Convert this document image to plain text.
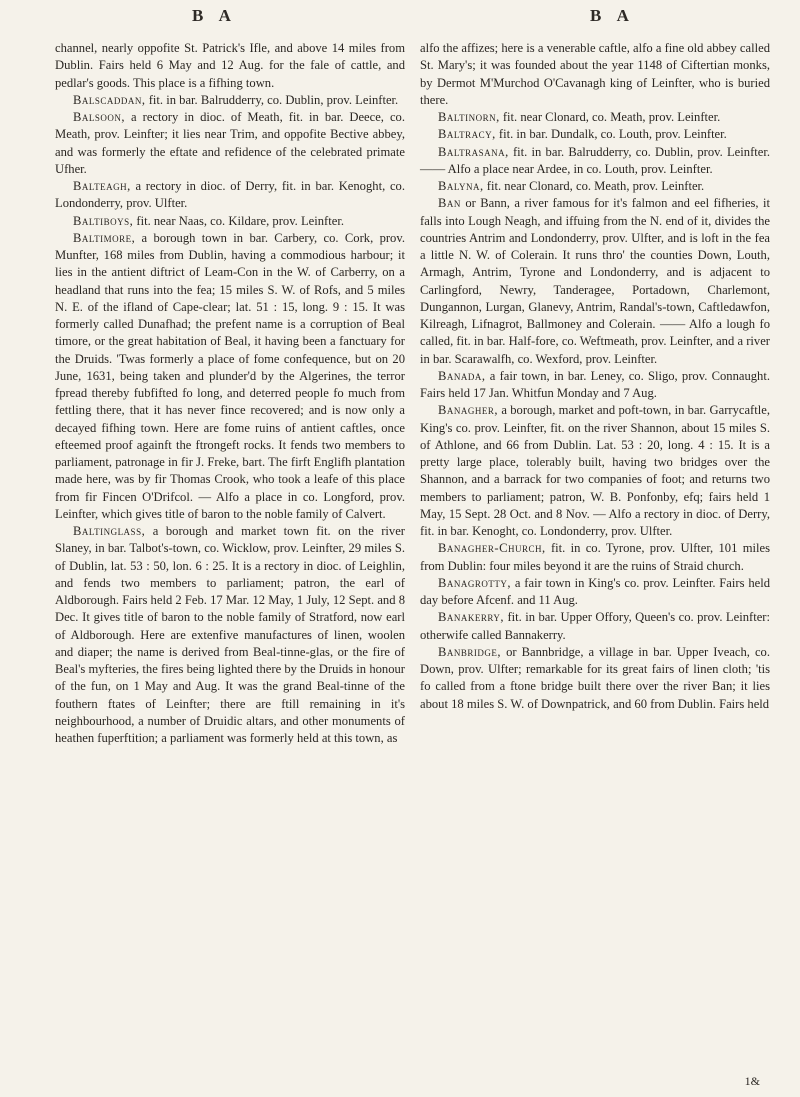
B A	B A

channel, nearly oppofite St. Patrick's Ifle, and above 14 miles from Dublin. Fairs held 6 May and 12 Aug. for the fale of cattle, and pedlar's goods. This place is a fifhing town.

Balscaddan, fit. in bar. Balrudderry, co. Dublin, prov. Leinfter.

Balsoon, a rectory in dioc. of Meath, fit. in bar. Deece, co. Meath, prov. Leinfter; it lies near Trim, and oppofite Bective abbey, and was formerly the eftate and refidence of the celebrated primate Ufher.

Balteagh, a rectory in dioc. of Derry, fit. in bar. Kenoght, co. Londonderry, prov. Ulfter.

Baltiboys, fit. near Naas, co. Kildare, prov. Leinfter.

Baltimore, a borough town in bar. Carbery, co. Cork, prov. Munfter, 168 miles from Dublin, having a commodious harbour; it lies in the antient diftrict of Leam-Con in the W. of Carberry, on a headland that runs into the fea; 15 miles S. W. of Rofs, and 5 miles N. E. of the ifland of Cape-clear; lat. 51 : 15, long. 9 : 15. It was formerly called Dunafhad; the prefent name is a corruption of Beal timore, or the great habitation of Beal, it having been a fanctuary for the Druids. 'Twas formerly a place of fome confequence, but on 20 June, 1631, being taken and plunder'd by the Algerines, the terror fpread thereby fubfifted fo long, and deterred people fo much from fettling there, that it has never fince recovered; and is now only a decayed fifhing town. Here are fome ruins of antient caftles, once efteemed proof againft the ftrongeft rocks. It fends two members to parliament, patronage in fir J. Freke, bart. The firft Englifh plantation made here, was by fir Thomas Crook, who took a leafe of this place from fir Fincen O'Drifcol. — Alfo a place in co. Longford, prov. Leinfter, which gives title of baron to the noble family of Calvert.

Baltinglass, a borough and market town fit. on the river Slaney, in bar. Talbot's-town, co. Wicklow, prov. Leinfter, 29 miles S. of Dublin, lat. 53 : 50, lon. 6 : 25. It is a rectory in dioc. of Leighlin, and fends two members to parliament; patron, the earl of Aldborough. Fairs held 2 Feb. 17 Mar. 12 May, 1 July, 12 Sept. and 8 Dec. It gives title of baron to the noble family of Stratford, now earl of Aldborough. Here are extenfive manufactures of linen, woolen and diaper; the name is derived from Beal-tinne-glas, or the fire of Beal's myfteries, the fires being lighted there by the Druids in honour of the fun, on 1 May and Aug. It was the grand Beal-tinne of the fouthern ftates of Leinfter; there are ftill remaining in it's neighbourhood, a number of Druidic altars, and other monuments of heathen fuperftition; a parliament was formerly held at this town, as

alfo the affizes; here is a venerable caftle, alfo a fine old abbey called St. Mary's; it was founded about the year 1148 of Ciftertian monks, by Dermot M'Murchod O'Cavanagh king of Leinfter, who is buried there.

Baltinorn, fit. near Clonard, co. Meath, prov. Leinfter.

Baltracy, fit. in bar. Dundalk, co. Louth, prov. Leinfter.

Baltrasana, fit. in bar. Balrudderry, co. Dublin, prov. Leinfter. —— Alfo a place near Ardee, in co. Louth, prov. Leinfter.

Balyna, fit. near Clonard, co. Meath, prov. Leinfter.

Ban or Bann, a river famous for it's falmon and eel fifheries, it falls into Lough Neagh, and iffuing from the N. end of it, divides the countries Antrim and Londonderry, prov. Ulfter, and is loft in the fea a little N. W. of Colerain. It runs thro' the counties Down, Louth, Armagh, Antrim, Tyrone and Londonderry, and is adjacent to Carlingford, Newry, Tanderagee, Portadown, Charlemont, Dungannon, Lurgan, Glanevy, Antrim, Randal's-town, Caftledawfon, Kilreagh, Lifnagrot, Ballmoney and Colerain. —— Alfo a lough fo called, fit. in bar. Half-fore, co. Weftmeath, prov. Leinfter, and a river in bar. Scarawalfh, co. Wexford, prov. Leinfter.

Banada, a fair town, in bar. Leney, co. Sligo, prov. Connaught. Fairs held 17 Jan. Whitfun Monday and 7 Aug.

Banagher, a borough, market and poft-town, in bar. Garrycaftle, King's co. prov. Leinfter, fit. on the river Shannon, about 15 miles S. of Athlone, and 66 from Dublin. Lat. 53 : 20, long. 4 : 15. It is a pretty large place, tolerably built, having two bridges over the Shannon, and a barrack for two companies of foot; and returns two members to parliament; patron, W. B. Ponfonby, efq; fairs held 1 May, 15 Sept. 28 Oct. and 8 Nov. — Alfo a rectory in dioc. of Derry, fit. in bar. Kenoght, co. Londonderry, prov. Ulfter.

Banagher-Church, fit. in co. Tyrone, prov. Ulfter, 101 miles from Dublin: four miles beyond it are the ruins of Straid church.

Banagrotty, a fair town in King's co. prov. Leinfter. Fairs held day before Afcenf. and 11 Aug.

Banakerry, fit. in bar. Upper Offory, Queen's co. prov. Leinfter: otherwife called Bannakerry.

Banbridge, or Bannbridge, a village in bar. Upper Iveach, co. Down, prov. Ulfter; remarkable for its great fairs of linen cloth; 'tis fo called from a ftone bridge built there over the river Ban; it lies about 18 miles S. W. of Downpatrick, and 60 from Dublin. Fairs held

1&
